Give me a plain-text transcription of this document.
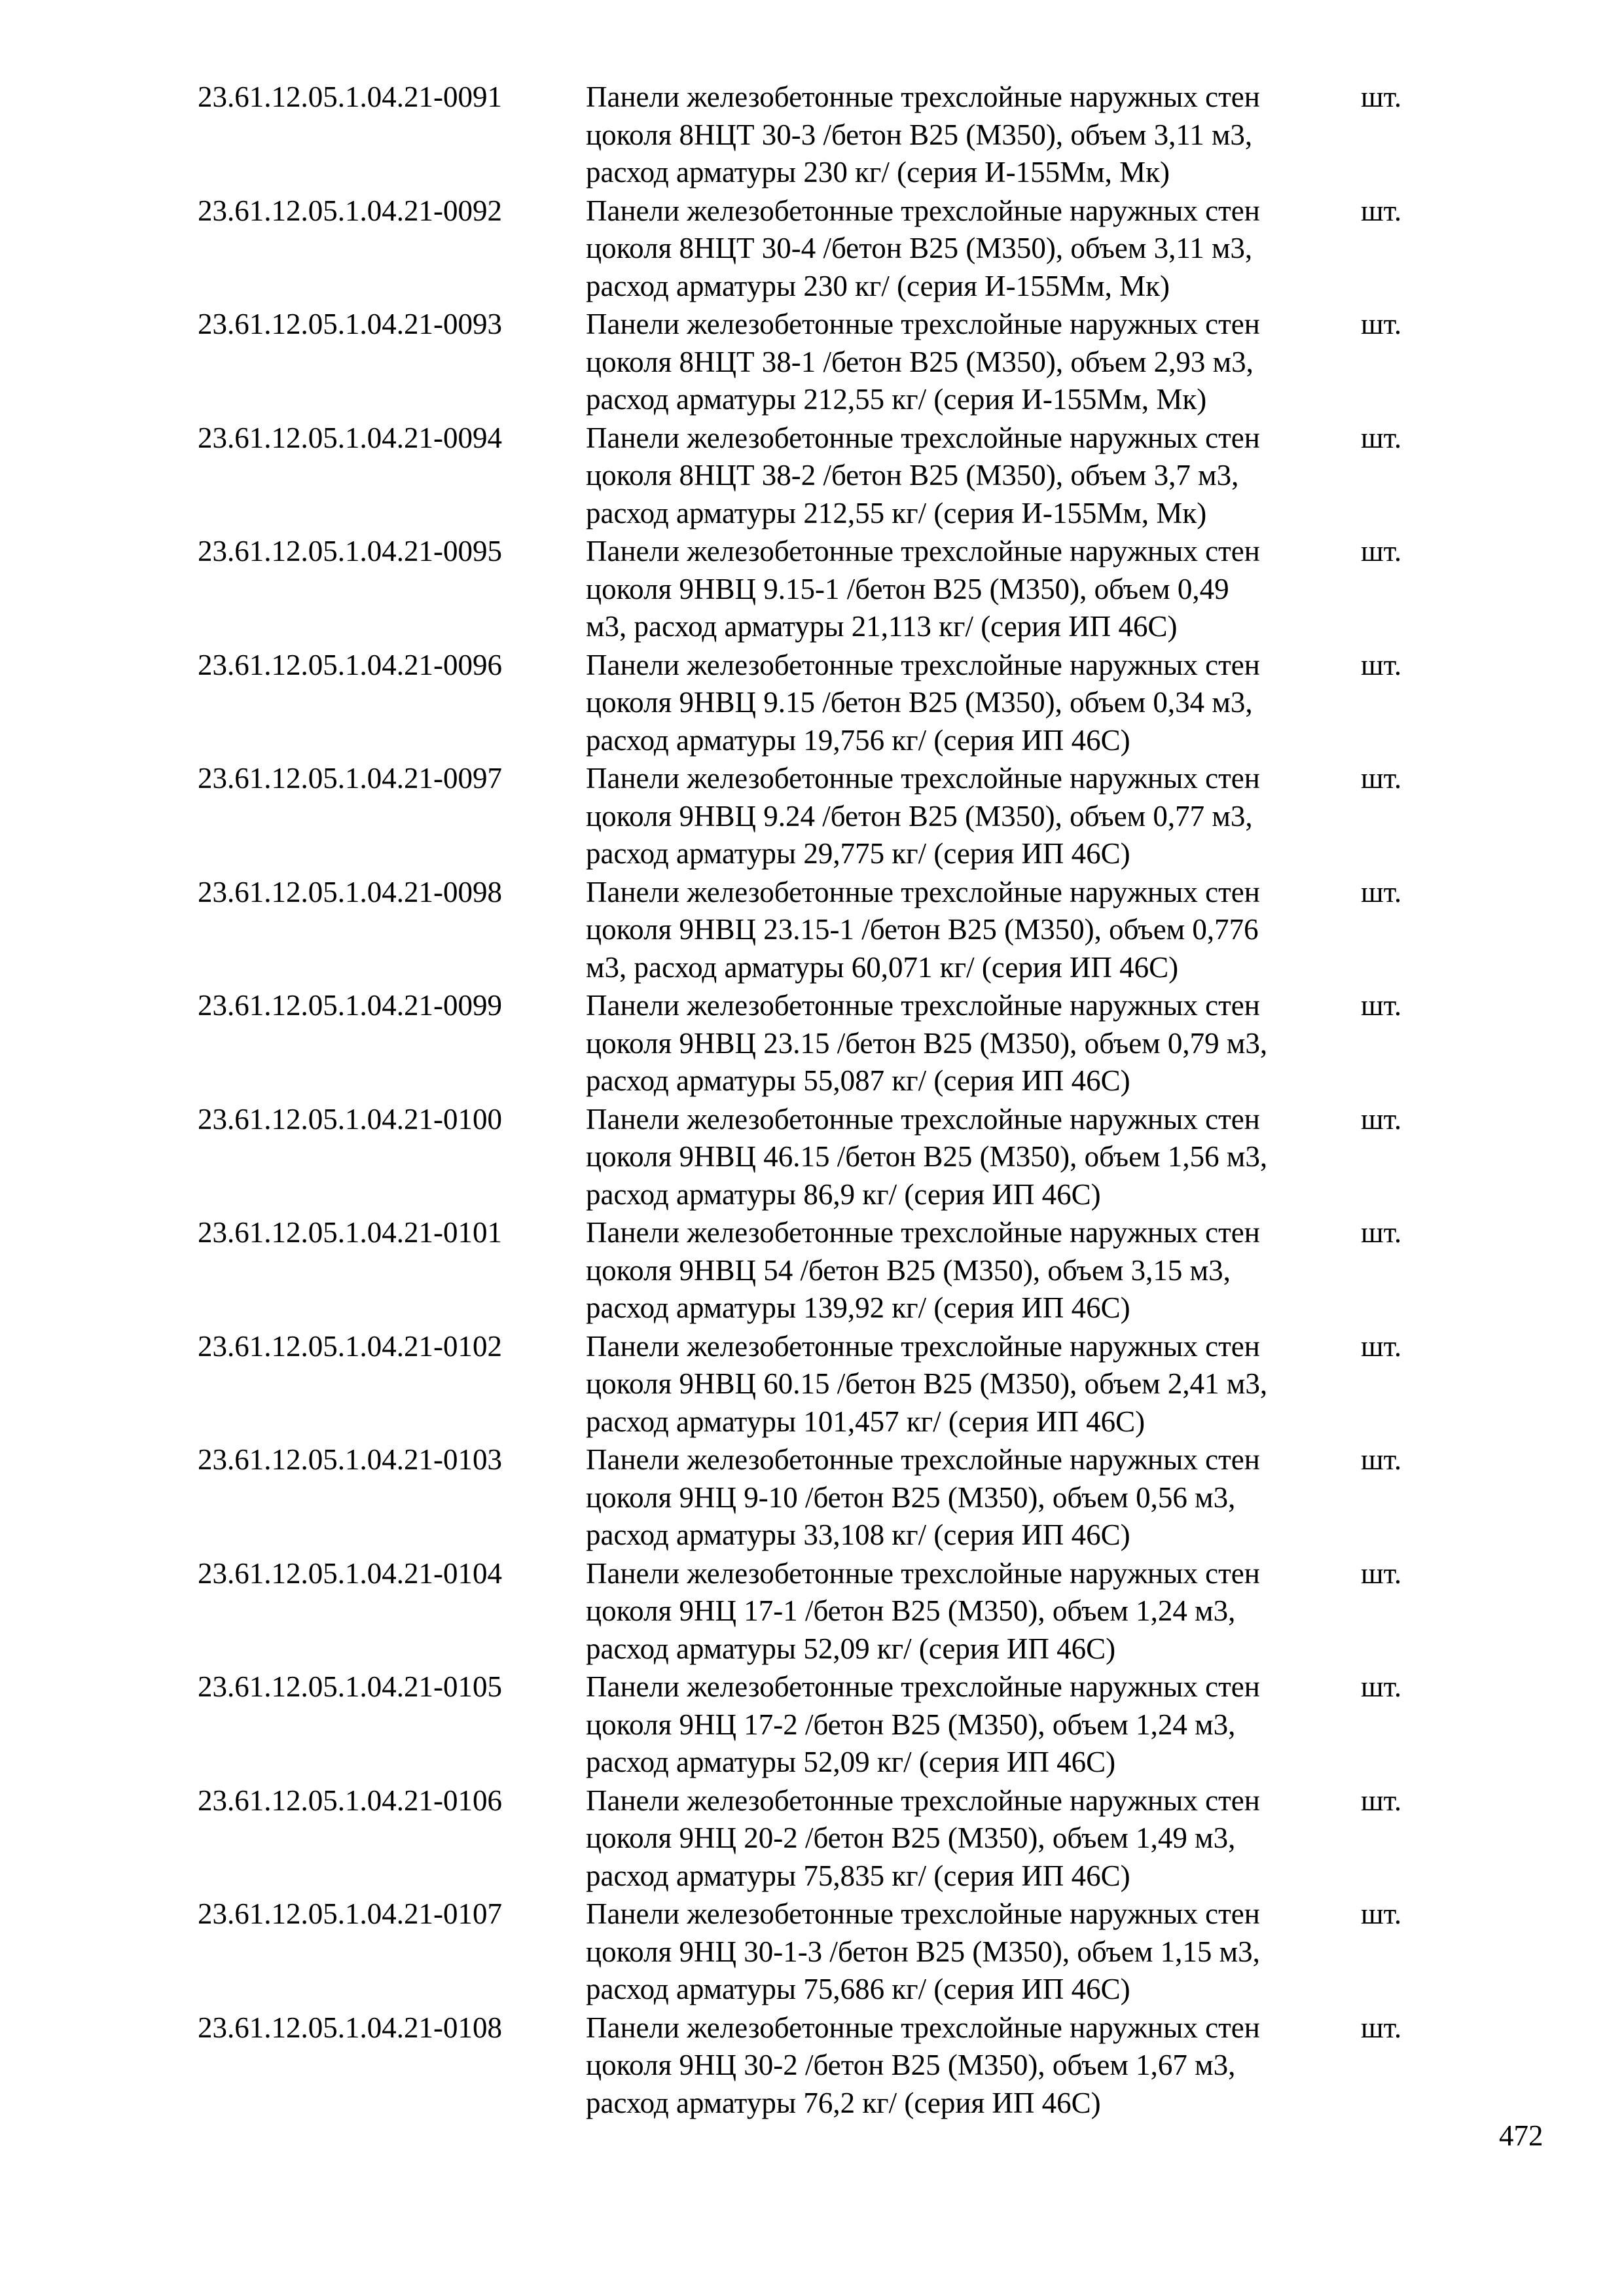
23.61.12.05.1.04.21-0091	Панели железобетонные трехслойные наружных стен
цоколя 8НЦТ 30-3 /бетон В25 (М350), объем 3,11 м3,
расход арматуры 230 кг/ (серия И-155Мм, Мк)
шт.
23.61.12.05.1.04.21-0092	Панели железобетонные трехслойные наружных стен
цоколя 8НЦТ 30-4 /бетон В25 (М350), объем 3,11 м3,
расход арматуры 230 кг/ (серия И-155Мм, Мк)
шт.
23.61.12.05.1.04.21-0093	Панели железобетонные трехслойные наружных стен
цоколя 8НЦТ 38-1 /бетон В25 (М350), объем 2,93 м3,
расход арматуры 212,55 кг/ (серия И-155Мм, Мк)
шт.
23.61.12.05.1.04.21-0094	Панели железобетонные трехслойные наружных стен
цоколя 8НЦТ 38-2 /бетон В25 (М350), объем 3,7 м3,
расход арматуры 212,55 кг/ (серия И-155Мм, Мк)
шт.
23.61.12.05.1.04.21-0095	Панели железобетонные трехслойные наружных стен
цоколя 9НВЦ 9.15-1 /бетон В25 (М350), объем 0,49
м3, расход арматуры 21,113 кг/ (серия ИП 46С)
шт.
23.61.12.05.1.04.21-0096	Панели железобетонные трехслойные наружных стен
цоколя 9НВЦ 9.15 /бетон В25 (М350), объем 0,34 м3,
расход арматуры 19,756 кг/ (серия ИП 46С)
шт.
23.61.12.05.1.04.21-0097	Панели железобетонные трехслойные наружных стен
цоколя 9НВЦ 9.24 /бетон В25 (М350), объем 0,77 м3,
расход арматуры 29,775 кг/ (серия ИП 46С)
шт.
23.61.12.05.1.04.21-0098	Панели железобетонные трехслойные наружных стен
цоколя 9НВЦ 23.15-1 /бетон В25 (М350), объем 0,776
м3, расход арматуры 60,071 кг/ (серия ИП 46С)
шт.
23.61.12.05.1.04.21-0099	Панели железобетонные трехслойные наружных стен
цоколя 9НВЦ 23.15 /бетон В25 (М350), объем 0,79 м3,
расход арматуры 55,087 кг/ (серия ИП 46С)
шт.
23.61.12.05.1.04.21-0100	Панели железобетонные трехслойные наружных стен
цоколя 9НВЦ 46.15 /бетон В25 (М350), объем 1,56 м3,
расход арматуры 86,9 кг/ (серия ИП 46С)
шт.
23.61.12.05.1.04.21-0101	Панели железобетонные трехслойные наружных стен
цоколя 9НВЦ 54 /бетон В25 (М350), объем 3,15 м3,
расход арматуры 139,92 кг/ (серия ИП 46С)
шт.
23.61.12.05.1.04.21-0102	Панели железобетонные трехслойные наружных стен
цоколя 9НВЦ 60.15 /бетон В25 (М350), объем 2,41 м3,
расход арматуры 101,457 кг/ (серия ИП 46С)
шт.
23.61.12.05.1.04.21-0103	Панели железобетонные трехслойные наружных стен
цоколя 9НЦ 9-10 /бетон В25 (М350), объем 0,56 м3,
расход арматуры 33,108 кг/ (серия ИП 46С)
шт.
23.61.12.05.1.04.21-0104	Панели железобетонные трехслойные наружных стен
цоколя 9НЦ 17-1 /бетон В25 (М350), объем 1,24 м3,
расход арматуры 52,09 кг/ (серия ИП 46С)
шт.
23.61.12.05.1.04.21-0105	Панели железобетонные трехслойные наружных стен
цоколя 9НЦ 17-2 /бетон В25 (М350), объем 1,24 м3,
расход арматуры 52,09 кг/ (серия ИП 46С)
шт.
23.61.12.05.1.04.21-0106	Панели железобетонные трехслойные наружных стен
цоколя 9НЦ 20-2 /бетон В25 (М350), объем 1,49 м3,
расход арматуры 75,835 кг/ (серия ИП 46С)
шт.
23.61.12.05.1.04.21-0107	Панели железобетонные трехслойные наружных стен
цоколя 9НЦ 30-1-3 /бетон В25 (М350), объем 1,15 м3,
расход арматуры 75,686 кг/ (серия ИП 46С)
шт.
23.61.12.05.1.04.21-0108	Панели железобетонные трехслойные наружных стен
цоколя 9НЦ 30-2 /бетон В25 (М350), объем 1,67 м3,
расход арматуры 76,2 кг/ (серия ИП 46С)
шт.
472
